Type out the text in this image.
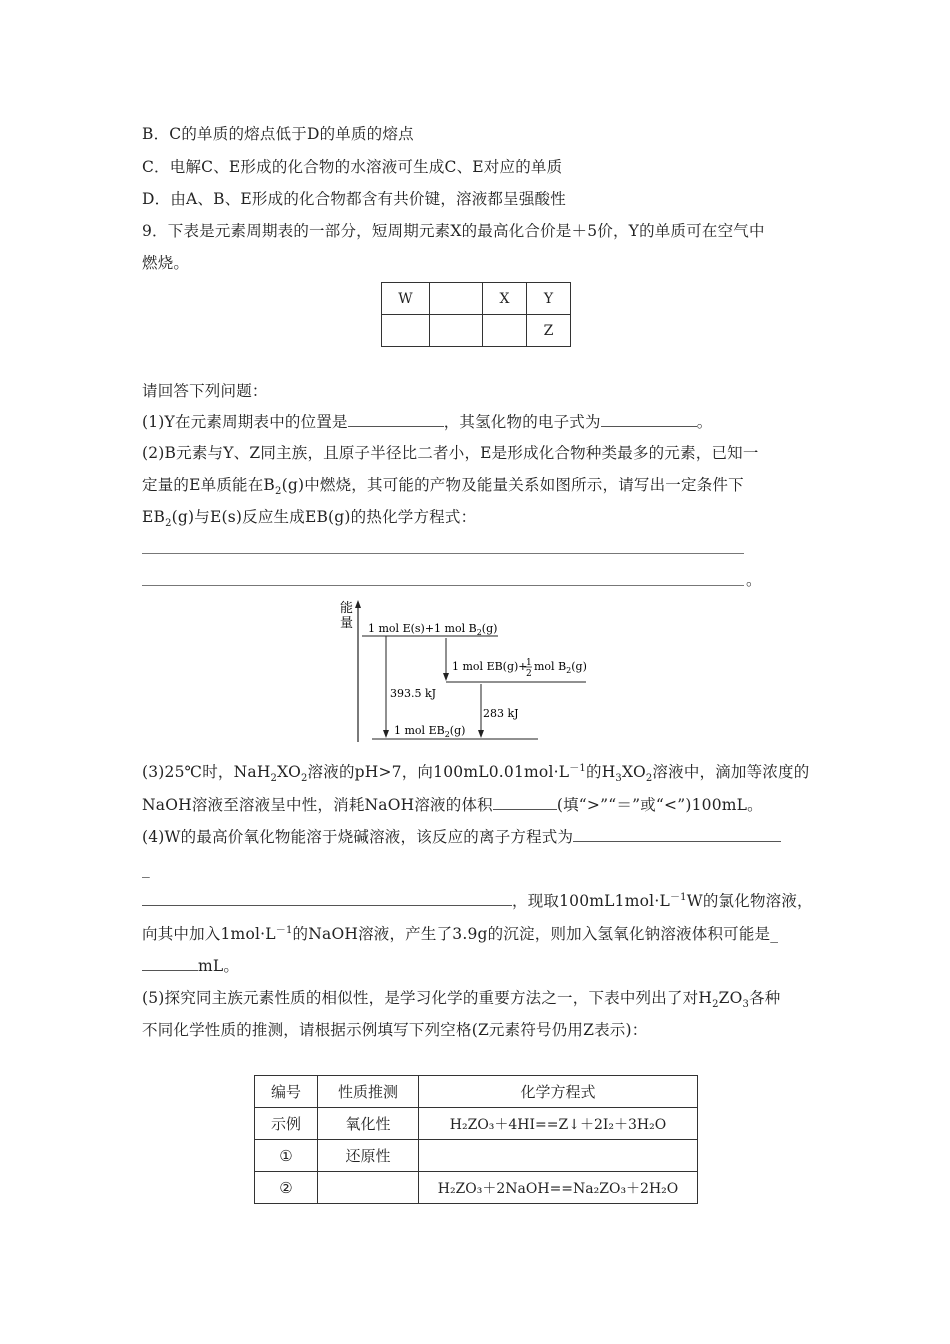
B．C的单质的熔点低于D的单质的熔点
C．电解C、E形成的化合物的水溶液可生成C、E对应的单质
D．由A、B、E形成的化合物都含有共价键，溶液都呈强酸性
9．下表是元素周期表的一部分，短周期元素X的最高化合价是＋5价，Y的单质可在空气中
燃烧。
W		X	Y
			Z
请回答下列问题：
(1)Y在元素周期表中的位置是	，其氢化物的电子式为	。
(2)B元素与Y、Z同主族，且原子半径比二者小，E是形成化合物种类最多的元素，已知一
定量的E单质能在$B_2(g)$中燃烧，其可能的产物及能量关系如图所示，请写出一定条件下
$EB_2(g)$与E(s)反应生成EB(g)的热化学方程式：
。
能
量 1 mol E(s)+1 mol $B_2(g)$
1 mol EB(g)+
1
2
mol $B_2(g)$
1 mol $EB_2(g)$
393.5 kJ
283 kJ
(3)25℃时，$NaH_2XO_2$溶液的pH>7，向$100mL0.01mol\cdot L^{-1}$的$H_3XO_2$溶液中，滴加等浓度的
NaOH溶液至溶液呈中性，消耗NaOH溶液的体积	(填“>”“＝”或“<”)100mL。
(4)W的最高价氧化物能溶于烧碱溶液，该反应的离子方程式为
_
，现取$100mL1mol\cdot L^{-1}W$的氯化物溶液，
向其中加入$1mol\cdot L^{-1}$的NaOH溶液，产生了3.9g的沉淀，则加入氢氧化钠溶液体积可能是_
mL。
(5)探究同主族元素性质的相似性，是学习化学的重要方法之一，下表中列出了对$H_2ZO_3$各种
不同化学性质的推测，请根据示例填写下列空格(Z元素符号仍用Z表示)：
编号	性质推测	化学方程式
示例	氧化性	H₂ZO₃＋4HI==Z↓＋2I₂＋3H₂O
①	还原性	
②		H₂ZO₃＋2NaOH==Na₂ZO₃＋2H₂O
